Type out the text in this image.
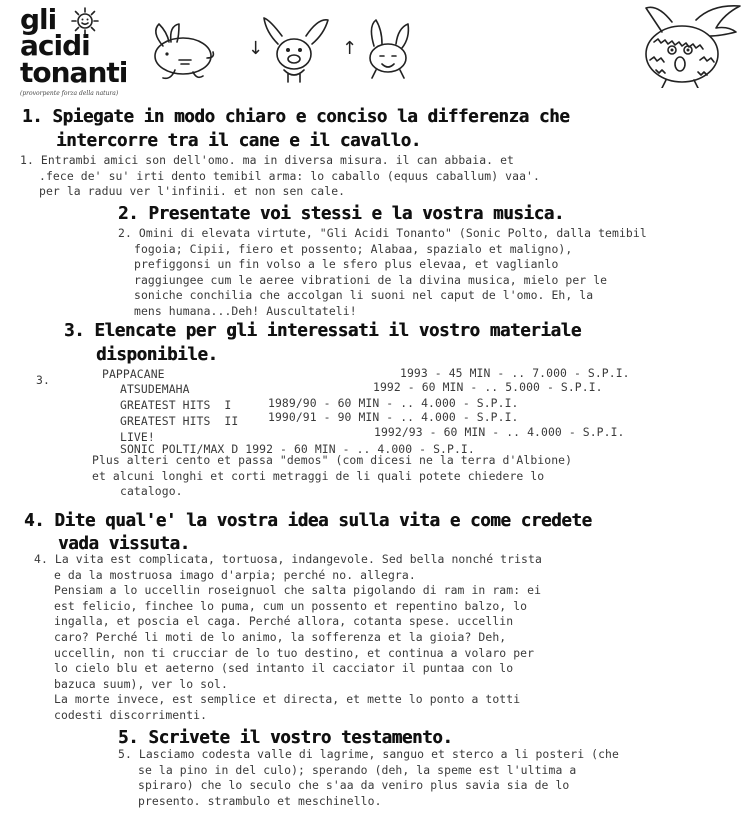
gli
acidi
tonanti
(provorpente forza della natura)
↓	↑
1. Spiegate in modo chiaro e conciso la differenza che
intercorre tra il cane e il cavallo.

1. Entrambi amici son dell'omo. ma in diversa misura. il can abbaia. et

.fece de' su' irti dento temibil arma: lo caballo (equus caballum) vaa'.

per la raduu ver l'infinii. et non sen cale.

2. Presentate voi stessi e la vostra musica.

2. Omini di elevata virtute, "Gli Acidi Tonanto" (Sonic Polto, dalla temibil

fogoia; Cipii, fiero et possento; Alabaa, spazialo et maligno),

prefiggonsi un fin volso a le sfero plus elevaa, et vaglianlo

raggiungee cum le aeree vibrationi de la divina musica, mielo per le

soniche conchilia che accolgan li suoni nel caput de l'omo. Eh, la

mens humana...Deh! Auscultateli!

3. Elencate per gli interessati il vostro materiale
disponibile.
3.	PAPPACANE	1993 - 45 MIN - .. 7.000 - S.P.I.
ATSUDEMAHA	1992 - 60 MIN - .. 5.000 - S.P.I.
GREATEST HITS  I	1989/90 - 60 MIN - .. 4.000 - S.P.I.
GREATEST HITS  II	1990/91 - 90 MIN - .. 4.000 - S.P.I.
LIVE!	1992/93 - 60 MIN - .. 4.000 - S.P.I.
SONIC POLTI/MAX D 1992 - 60 MIN - .. 4.000 - S.P.I.

Plus alteri cento et passa "demos" (com dicesi ne la terra d'Albione)

et alcuni longhi et corti metraggi de li quali potete chiedere lo

catalogo.

4. Dite qual'e' la vostra idea sulla vita e come credete
vada vissuta.

4. La vita est complicata, tortuosa, indangevole. Sed bella nonché trista

e da la mostruosa imago d'arpia; perché no. allegra.

Pensiam a lo uccellin roseignuol che salta pigolando di ram in ram: ei

est felicio, finchee lo puma, cum un possento et repentino balzo, lo

ingalla, et poscia el caga. Perché allora, cotanta spese. uccellin

caro? Perché li moti de lo animo, la sofferenza et la gioia? Deh,

uccellin, non ti crucciar de lo tuo destino, et continua a volaro per

lo cielo blu et aeterno (sed intanto il cacciator il puntaa con lo

bazuca suum), ver lo sol.

La morte invece, est semplice et directa, et mette lo ponto a totti

codesti discorrimenti.

5. Scrivete il vostro testamento.

5. Lasciamo codesta valle di lagrime, sanguo et sterco a li posteri (che

se la pino in del culo); sperando (deh, la speme est l'ultima a

spiraro) che lo seculo che s'aa da veniro plus savia sia de lo

presento. strambulo et meschinello.
